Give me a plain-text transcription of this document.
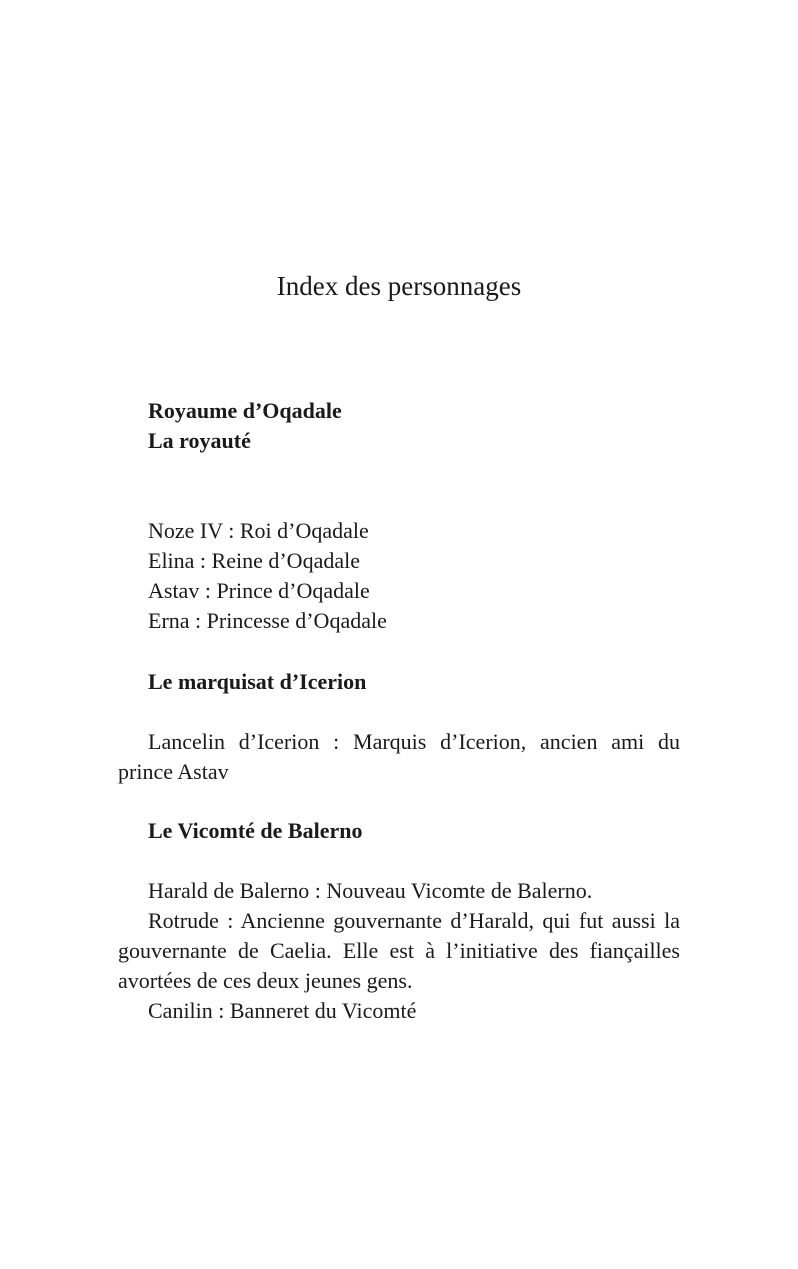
Index des personnages

Royaume d’Oqadale

La royauté

Noze IV : Roi d’Oqadale

Elina : Reine d’Oqadale

Astav : Prince d’Oqadale

Erna : Princesse d’Oqadale

Le marquisat d’Icerion

Lancelin d’Icerion : Marquis d’Icerion, ancien ami du prince Astav

Le Vicomté de Balerno

Harald de Balerno : Nouveau Vicomte de Balerno.

Rotrude : Ancienne gouvernante d’Harald, qui fut aussi la gouvernante de Caelia. Elle est à l’initiative des fiançailles avortées de ces deux jeunes gens.

Canilin : Banneret du Vicomté
